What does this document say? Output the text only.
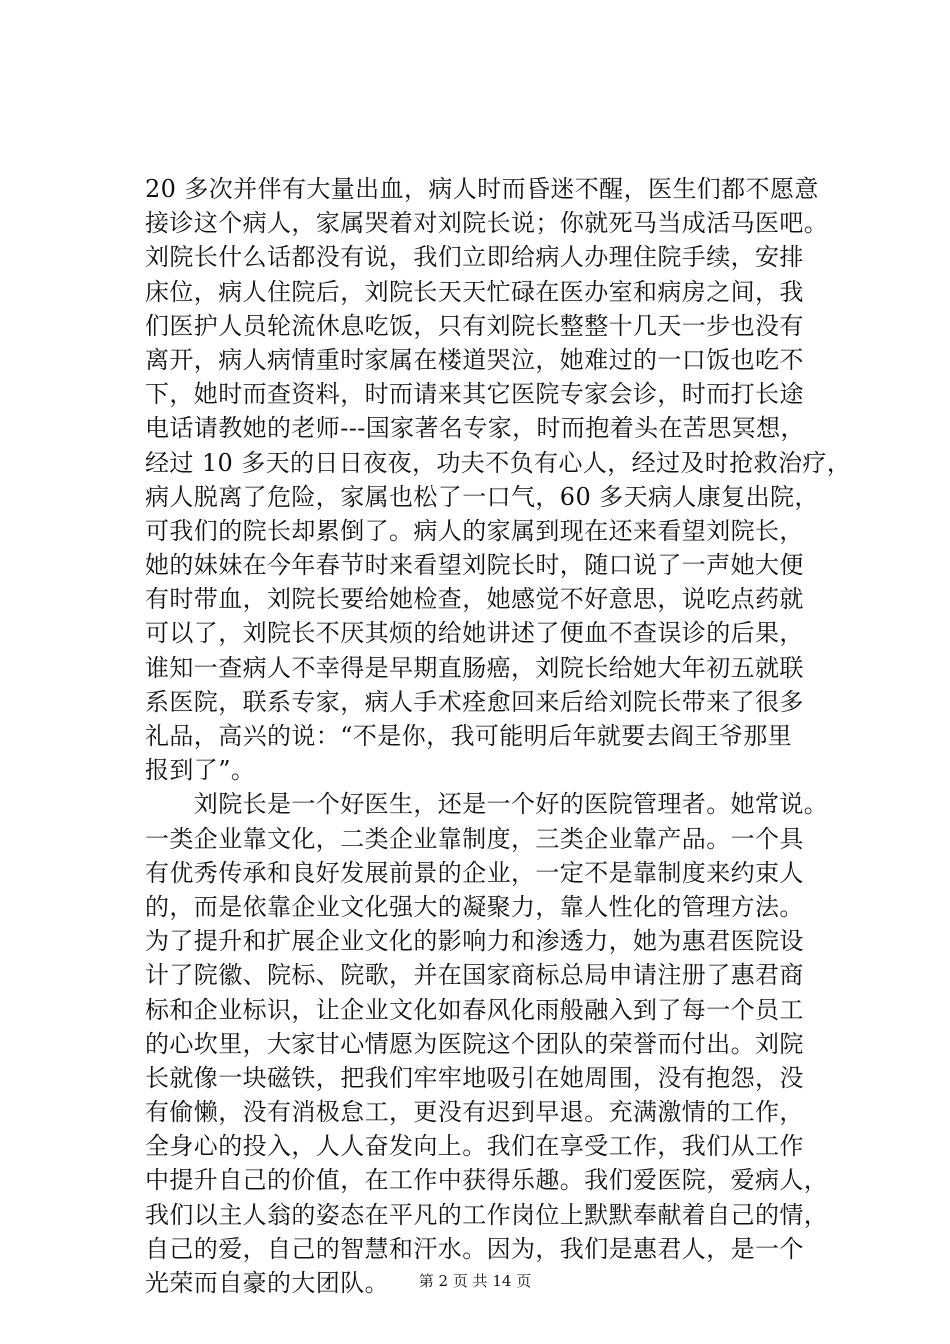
20 多次并伴有大量出血，病人时而昏迷不醒，医生们都不愿意
接诊这个病人，家属哭着对刘院长说；你就死马当成活马医吧。
刘院长什么话都没有说，我们立即给病人办理住院手续，安排
床位，病人住院后，刘院长天天忙碌在医办室和病房之间，我
们医护人员轮流休息吃饭，只有刘院长整整十几天一步也没有
离开，病人病情重时家属在楼道哭泣，她难过的一口饭也吃不
下，她时而查资料，时而请来其它医院专家会诊，时而打长途
电话请教她的老师---国家著名专家，时而抱着头在苦思冥想，
经过 10 多天的日日夜夜，功夫不负有心人，经过及时抢救治疗，
病人脱离了危险，家属也松了一口气，60 多天病人康复出院，
可我们的院长却累倒了。病人的家属到现在还来看望刘院长，
她的妹妹在今年春节时来看望刘院长时，随口说了一声她大便
有时带血，刘院长要给她检查，她感觉不好意思，说吃点药就
可以了，刘院长不厌其烦的给她讲述了便血不查误诊的后果，
谁知一查病人不幸得是早期直肠癌，刘院长给她大年初五就联
系医院，联系专家，病人手术痊愈回来后给刘院长带来了很多
礼品，高兴的说：“不是你，我可能明后年就要去阎王爷那里
报到了”。
　　刘院长是一个好医生，还是一个好的医院管理者。她常说。
一类企业靠文化，二类企业靠制度，三类企业靠产品。一个具
有优秀传承和良好发展前景的企业，一定不是靠制度来约束人
的，而是依靠企业文化强大的凝聚力，靠人性化的管理方法。
为了提升和扩展企业文化的影响力和渗透力，她为惠君医院设
计了院徽、院标、院歌，并在国家商标总局申请注册了惠君商
标和企业标识，让企业文化如春风化雨般融入到了每一个员工
的心坎里，大家甘心情愿为医院这个团队的荣誉而付出。刘院
长就像一块磁铁，把我们牢牢地吸引在她周围，没有抱怨，没
有偷懒，没有消极怠工，更没有迟到早退。充满激情的工作，
全身心的投入，人人奋发向上。我们在享受工作，我们从工作
中提升自己的价值，在工作中获得乐趣。我们爱医院，爱病人，
我们以主人翁的姿态在平凡的工作岗位上默默奉献着自己的情，
自己的爱，自己的智慧和汗水。因为，我们是惠君人，是一个
光荣而自豪的大团队。	第 2 页 共 14 页
